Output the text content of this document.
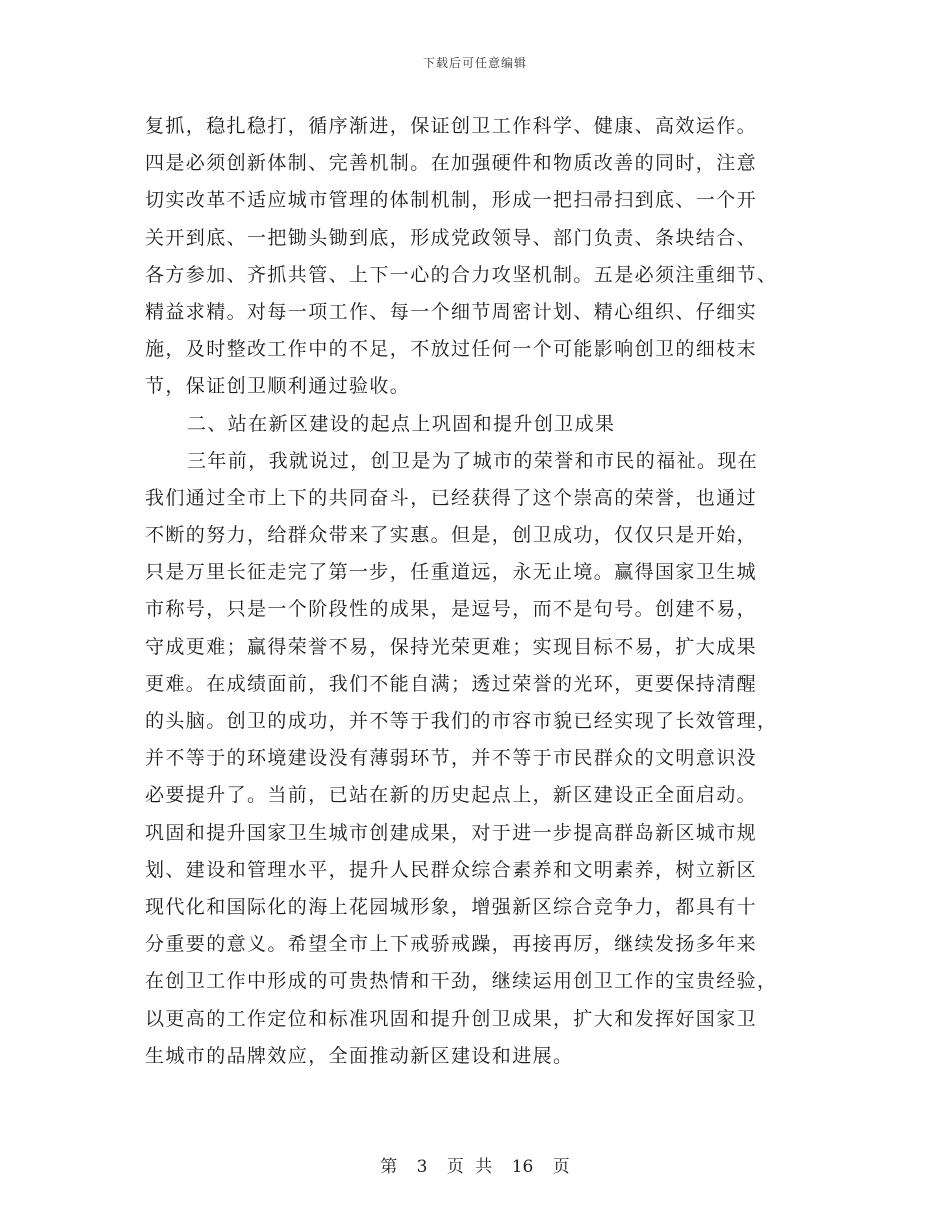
下载后可任意编辑
复抓，稳扎稳打，循序渐进，保证创卫工作科学、健康、高效运作。
四是必须创新体制、完善机制。在加强硬件和物质改善的同时，注意
切实改革不适应城市管理的体制机制，形成一把扫帚扫到底、一个开
关开到底、一把锄头锄到底，形成党政领导、部门负责、条块结合、
各方参加、齐抓共管、上下一心的合力攻坚机制。五是必须注重细节、
精益求精。对每一项工作、每一个细节周密计划、精心组织、仔细实
施，及时整改工作中的不足，不放过任何一个可能影响创卫的细枝末
节，保证创卫顺利通过验收。
二、站在新区建设的起点上巩固和提升创卫成果
三年前，我就说过，创卫是为了城市的荣誉和市民的福祉。现在
我们通过全市上下的共同奋斗，已经获得了这个崇高的荣誉，也通过
不断的努力，给群众带来了实惠。但是，创卫成功，仅仅只是开始，
只是万里长征走完了第一步，任重道远，永无止境。赢得国家卫生城
市称号，只是一个阶段性的成果，是逗号，而不是句号。创建不易，
守成更难；赢得荣誉不易，保持光荣更难；实现目标不易，扩大成果
更难。在成绩面前，我们不能自满；透过荣誉的光环，更要保持清醒
的头脑。创卫的成功，并不等于我们的市容市貌已经实现了长效管理，
并不等于的环境建设没有薄弱环节，并不等于市民群众的文明意识没
必要提升了。当前，已站在新的历史起点上，新区建设正全面启动。
巩固和提升国家卫生城市创建成果，对于进一步提高群岛新区城市规
划、建设和管理水平，提升人民群众综合素养和文明素养，树立新区
现代化和国际化的海上花园城形象，增强新区综合竞争力，都具有十
分重要的意义。希望全市上下戒骄戒躁，再接再厉，继续发扬多年来
在创卫工作中形成的可贵热情和干劲，继续运用创卫工作的宝贵经验，
以更高的工作定位和标准巩固和提升创卫成果，扩大和发挥好国家卫
生城市的品牌效应，全面推动新区建设和进展。
第 3 页 共 16 页
